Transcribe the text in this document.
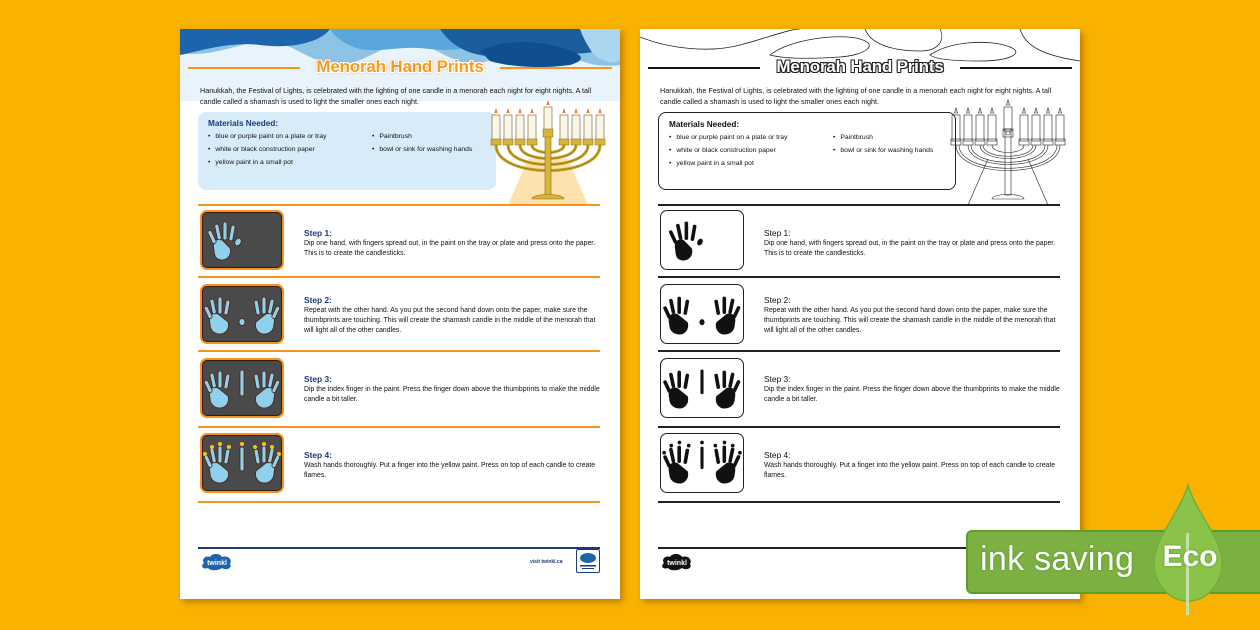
Menorah Hand Prints
Hanukkah, the Festival of Lights, is celebrated with the lighting of one candle in a menorah each night for eight nights. A tall candle called a shamash is used to light the smaller ones each night.
Materials Needed:
• blue or purple paint on a plate or tray	• Paintbrush
• white or black construction paper	• bowl or sink for washing hands
• yellow paint in a small pot
Step 1:
Dip one hand, with fingers spread out, in the paint on the tray or plate and press onto the paper. This is to create the candlesticks.
Step 2:
Repeat with the other hand. As you put the second hand down onto the paper, make sure the thumbprints are touching. This will create the shamash candle in the middle of the menorah that will light all of the other candles.
Step 3:
Dip the index finger in the paint. Press the finger down above the thumbprints to make the middle candle a bit taller.
Step 4:
Wash hands thoroughly. Put a finger into the yellow paint. Press on top of each candle to create flames.
twinkl	visit twinkl.ca
Menorah Hand Prints
Hanukkah, the Festival of Lights, is celebrated with the lighting of one candle in a menorah each night for eight nights. A tall candle called a shamash is used to light the smaller ones each night.
Materials Needed:
• blue or purple paint on a plate or tray	• Paintbrush
• white or black construction paper	• bowl or sink for washing hands
• yellow paint in a small pot
Step 1:
Dip one hand, with fingers spread out, in the paint on the tray or plate and press onto the paper. This is to create the candlesticks.
Step 2:
Repeat with the other hand. As you put the second hand down onto the paper, make sure the thumbprints are touching. This will create the shamash candle in the middle of the menorah that will light all of the other candles.
Step 3:
Dip the index finger in the paint. Press the finger down above the thumbprints to make the middle candle a bit taller.
Step 4:
Wash hands thoroughly. Put a finger into the yellow paint. Press on top of each candle to create flames.
twinkl	ink saving Eco
